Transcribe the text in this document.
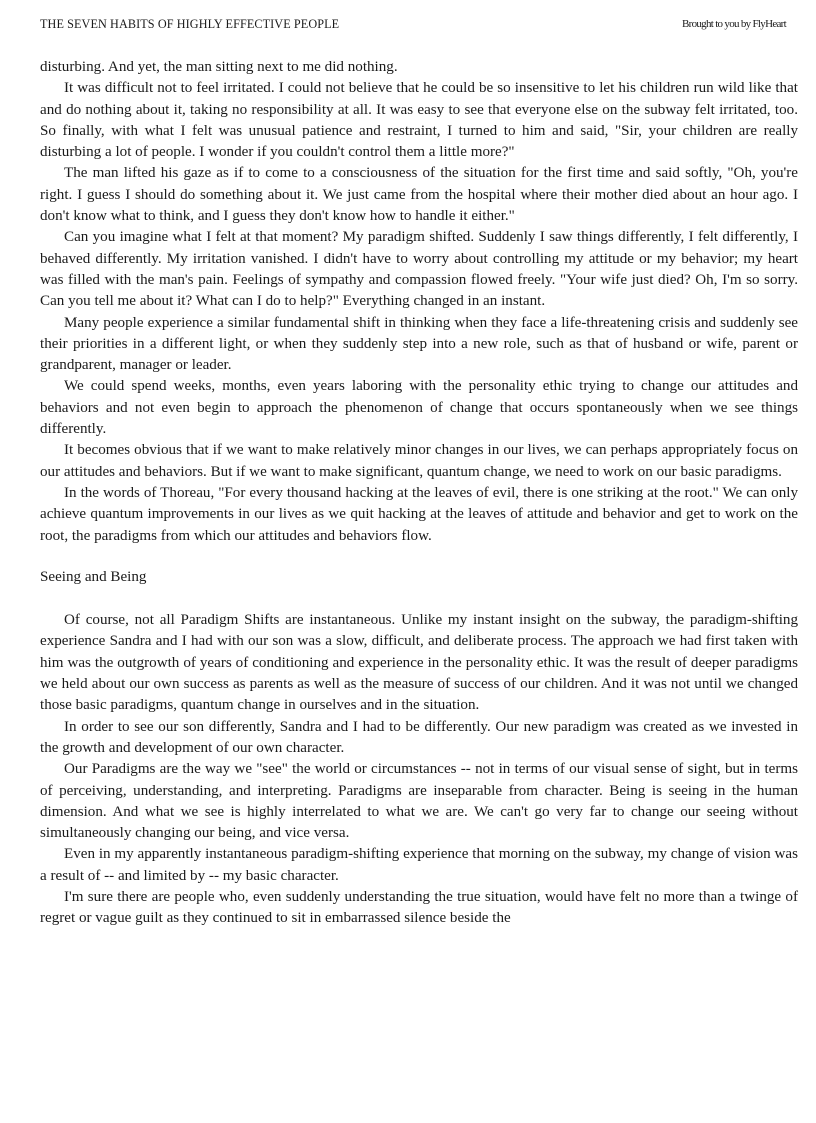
THE SEVEN HABITS OF HIGHLY EFFECTIVE PEOPLE	Brought to you by FlyHeart

disturbing. And yet, the man sitting next to me did nothing.

It was difficult not to feel irritated. I could not believe that he could be so insensitive to let his children run wild like that and do nothing about it, taking no responsibility at all. It was easy to see that everyone else on the subway felt irritated, too. So finally, with what I felt was unusual patience and restraint, I turned to him and said, "Sir, your children are really disturbing a lot of people. I wonder if you couldn't control them a little more?"

The man lifted his gaze as if to come to a consciousness of the situation for the first time and said softly, "Oh, you're right. I guess I should do something about it. We just came from the hospital where their mother died about an hour ago. I don't know what to think, and I guess they don't know how to handle it either."

Can you imagine what I felt at that moment? My paradigm shifted. Suddenly I saw things differently, I felt differently, I behaved differently. My irritation vanished. I didn't have to worry about controlling my attitude or my behavior; my heart was filled with the man's pain. Feelings of sympathy and compassion flowed freely. "Your wife just died? Oh, I'm so sorry. Can you tell me about it? What can I do to help?" Everything changed in an instant.

Many people experience a similar fundamental shift in thinking when they face a life-threatening crisis and suddenly see their priorities in a different light, or when they suddenly step into a new role, such as that of husband or wife, parent or grandparent, manager or leader.

We could spend weeks, months, even years laboring with the personality ethic trying to change our attitudes and behaviors and not even begin to approach the phenomenon of change that occurs spontaneously when we see things differently.

It becomes obvious that if we want to make relatively minor changes in our lives, we can perhaps appropriately focus on our attitudes and behaviors. But if we want to make significant, quantum change, we need to work on our basic paradigms.

In the words of Thoreau, "For every thousand hacking at the leaves of evil, there is one striking at the root." We can only achieve quantum improvements in our lives as we quit hacking at the leaves of attitude and behavior and get to work on the root, the paradigms from which our attitudes and behaviors flow.

Seeing and Being

Of course, not all Paradigm Shifts are instantaneous. Unlike my instant insight on the subway, the paradigm-shifting experience Sandra and I had with our son was a slow, difficult, and deliberate process. The approach we had first taken with him was the outgrowth of years of conditioning and experience in the personality ethic. It was the result of deeper paradigms we held about our own success as parents as well as the measure of success of our children. And it was not until we changed those basic paradigms, quantum change in ourselves and in the situation.

In order to see our son differently, Sandra and I had to be differently. Our new paradigm was created as we invested in the growth and development of our own character.

Our Paradigms are the way we "see" the world or circumstances -- not in terms of our visual sense of sight, but in terms of perceiving, understanding, and interpreting. Paradigms are inseparable from character. Being is seeing in the human dimension. And what we see is highly interrelated to what we are. We can't go very far to change our seeing without simultaneously changing our being, and vice versa.

Even in my apparently instantaneous paradigm-shifting experience that morning on the subway, my change of vision was a result of -- and limited by -- my basic character.

I'm sure there are people who, even suddenly understanding the true situation, would have felt no more than a twinge of regret or vague guilt as they continued to sit in embarrassed silence beside the
